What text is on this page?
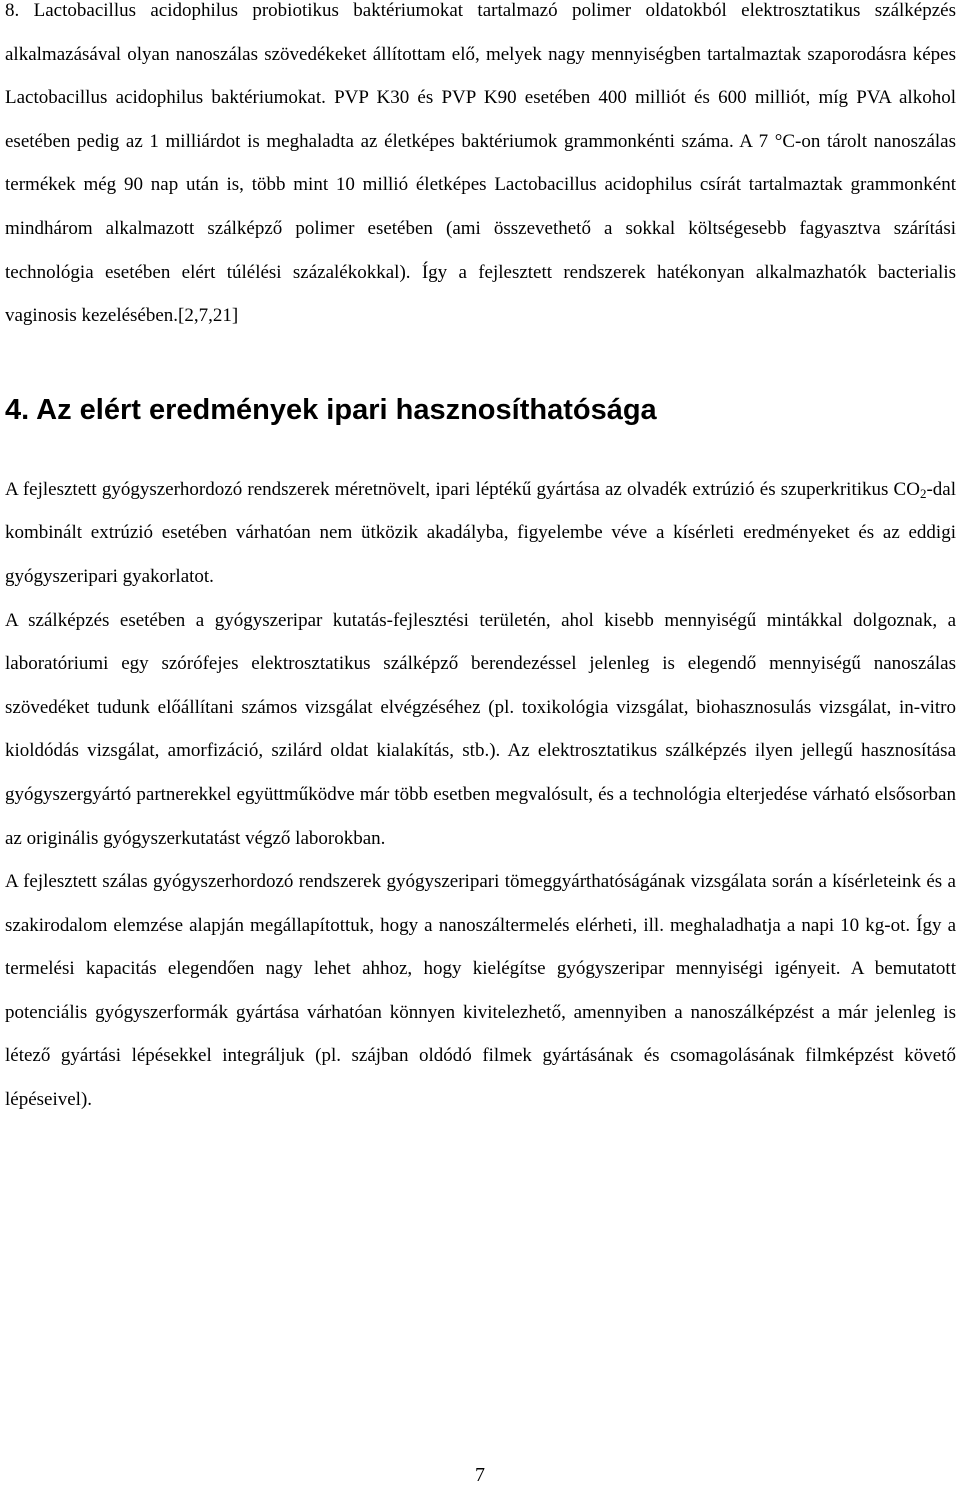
8. Lactobacillus acidophilus probiotikus baktériumokat tartalmazó polimer oldatokból elektrosztatikus szálképzés alkalmazásával olyan nanoszálas szövedékeket állítottam elő, melyek nagy mennyiségben tartalmaztak szaporodásra képes Lactobacillus acidophilus baktériumokat. PVP K30 és PVP K90 esetében 400 milliót és 600 milliót, míg PVA alkohol esetében pedig az 1 milliárdot is meghaladta az életképes baktériumok grammonkénti száma. A 7 °C-on tárolt nanoszálas termékek még 90 nap után is, több mint 10 millió életképes Lactobacillus acidophilus csírát tartalmaztak grammonként mindhárom alkalmazott szálképző polimer esetében (ami összevethető a sokkal költségesebb fagyasztva szárítási technológia esetében elért túlélési százalékokkal). Így a fejlesztett rendszerek hatékonyan alkalmazhatók bacterialis vaginosis kezelésében.[2,7,21]

4. Az elért eredmények ipari hasznosíthatósága

A fejlesztett gyógyszerhordozó rendszerek méretnövelt, ipari léptékű gyártása az olvadék extrúzió és szuperkritikus $CO_2$-dal kombinált extrúzió esetében várhatóan nem ütközik akadályba, figyelembe véve a kísérleti eredményeket és az eddigi gyógyszeripari gyakorlatot.

A szálképzés esetében a gyógyszeripar kutatás-fejlesztési területén, ahol kisebb mennyiségű mintákkal dolgoznak, a laboratóriumi egy szórófejes elektrosztatikus szálképző berendezéssel jelenleg is elegendő mennyiségű nanoszálas szövedéket tudunk előállítani számos vizsgálat elvégzéséhez (pl. toxikológia vizsgálat, biohasznosulás vizsgálat, in-vitro kioldódás vizsgálat, amorfizáció, szilárd oldat kialakítás, stb.). Az elektrosztatikus szálképzés ilyen jellegű hasznosítása gyógyszergyártó partnerekkel együttműködve már több esetben megvalósult, és a technológia elterjedése várható elsősorban az originális gyógyszerkutatást végző laborokban.

A fejlesztett szálas gyógyszerhordozó rendszerek gyógyszeripari tömeggyárthatóságának vizsgálata során a kísérleteink és a szakirodalom elemzése alapján megállapítottuk, hogy a nanoszáltermelés elérheti, ill. meghaladhatja a napi 10 kg-ot. Így a termelési kapacitás elegendően nagy lehet ahhoz, hogy kielégítse gyógyszeripar mennyiségi igényeit. A bemutatott potenciális gyógyszerformák gyártása várhatóan könnyen kivitelezhető, amennyiben a nanoszálképzést a már jelenleg is létező gyártási lépésekkel integráljuk (pl. szájban oldódó filmek gyártásának és csomagolásának filmképzést követő lépéseivel).

7
